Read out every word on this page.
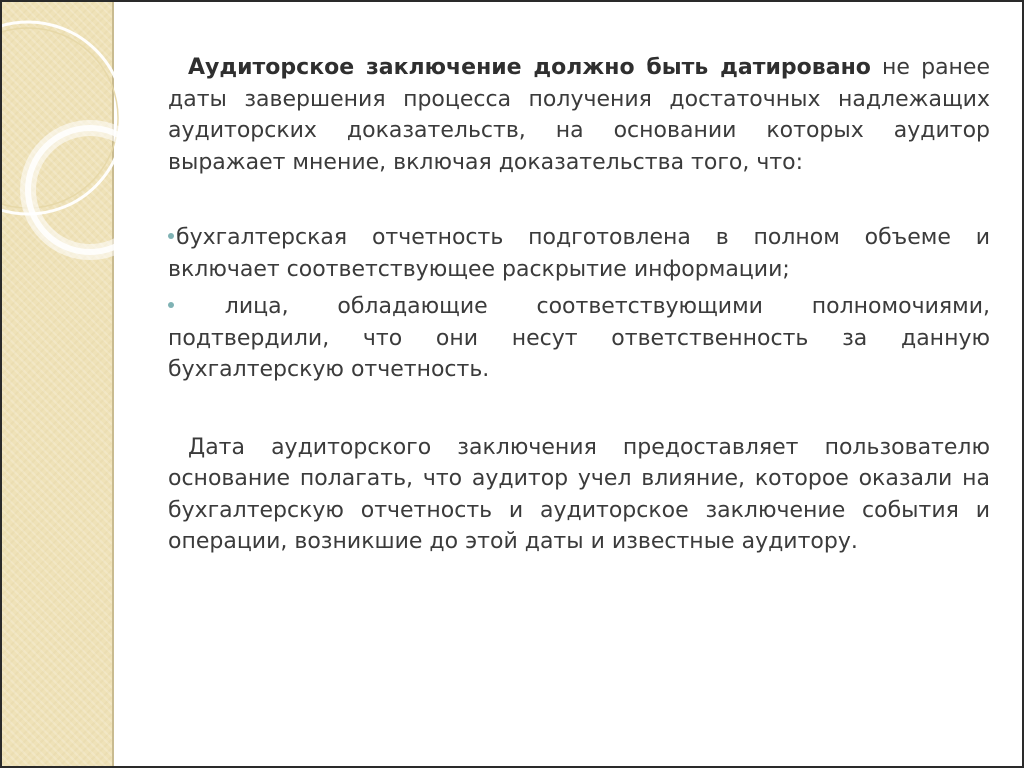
Аудиторское заключение должно быть датировано не ранее даты завершения процесса получения достаточных надлежащих аудиторских доказательств, на основании которых аудитор выражает мнение, включая доказательства того, что:

бухгалтерская отчетность подготовлена в полном объеме и включает соответствующее раскрытие информации;

лица, обладающие соответствующими полномочиями, подтвердили, что они несут ответственность за данную бухгалтерскую отчетность.

Дата аудиторского заключения предоставляет пользователю основание полагать, что аудитор учел влияние, которое оказали на бухгалтерскую отчетность и аудиторское заключение события и операции, возникшие до этой даты и известные аудитору.
